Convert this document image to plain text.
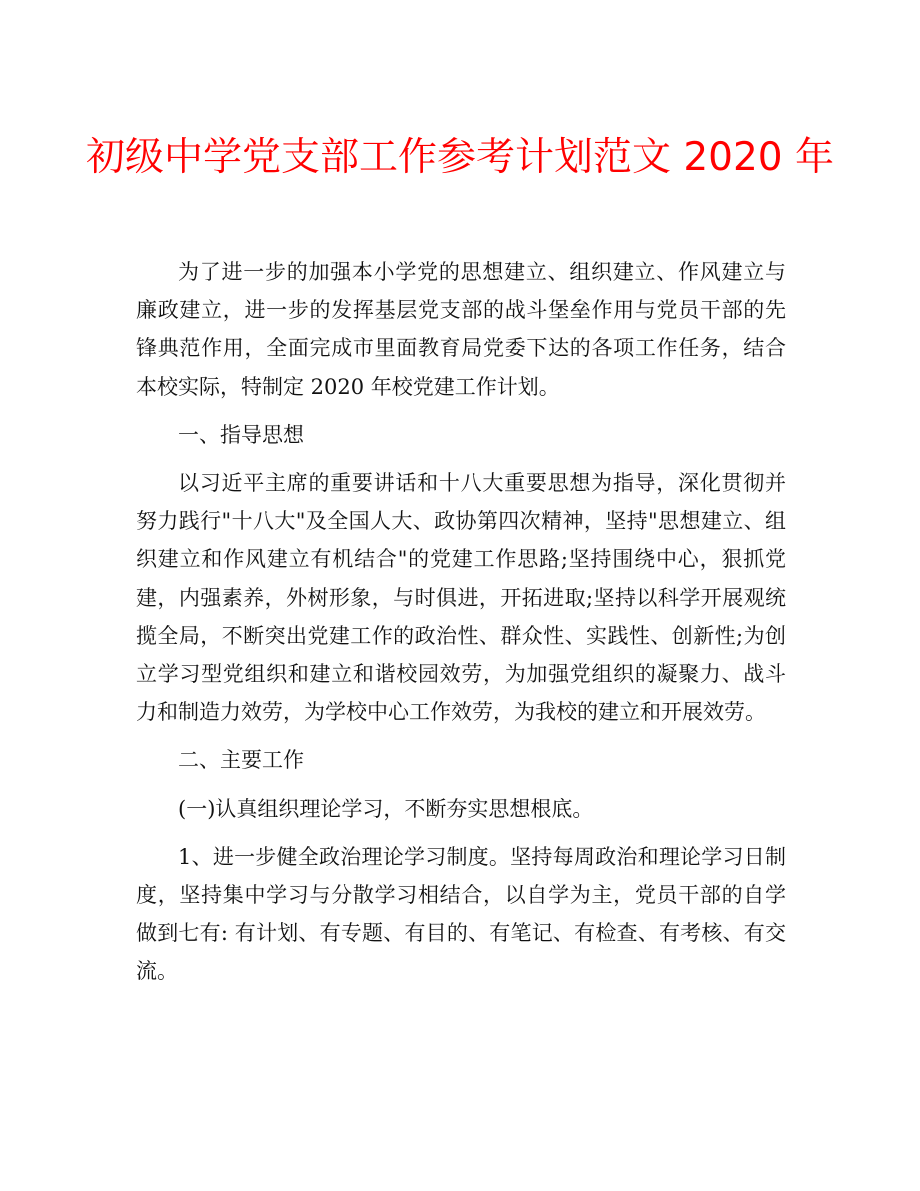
初级中学党支部工作参考计划范文 2020 年

为了进一步的加强本小学党的思想建立、组织建立、作风建立与廉政建立，进一步的发挥基层党支部的战斗堡垒作用与党员干部的先锋典范作用，全面完成市里面教育局党委下达的各项工作任务，结合本校实际，特制定 2020 年校党建工作计划。

一、指导思想

以习近平主席的重要讲话和十八大重要思想为指导，深化贯彻并努力践行"十八大"及全国人大、政协第四次精神，坚持"思想建立、组织建立和作风建立有机结合"的党建工作思路;坚持围绕中心，狠抓党建，内强素养，外树形象，与时俱进，开拓进取;坚持以科学开展观统揽全局，不断突出党建工作的政治性、群众性、实践性、创新性;为创立学习型党组织和建立和谐校园效劳，为加强党组织的凝聚力、战斗力和制造力效劳，为学校中心工作效劳，为我校的建立和开展效劳。

二、主要工作

(一)认真组织理论学习，不断夯实思想根底。

1、进一步健全政治理论学习制度。坚持每周政治和理论学习日制度，坚持集中学习与分散学习相结合，以自学为主，党员干部的自学做到七有: 有计划、有专题、有目的、有笔记、有检查、有考核、有交流。
